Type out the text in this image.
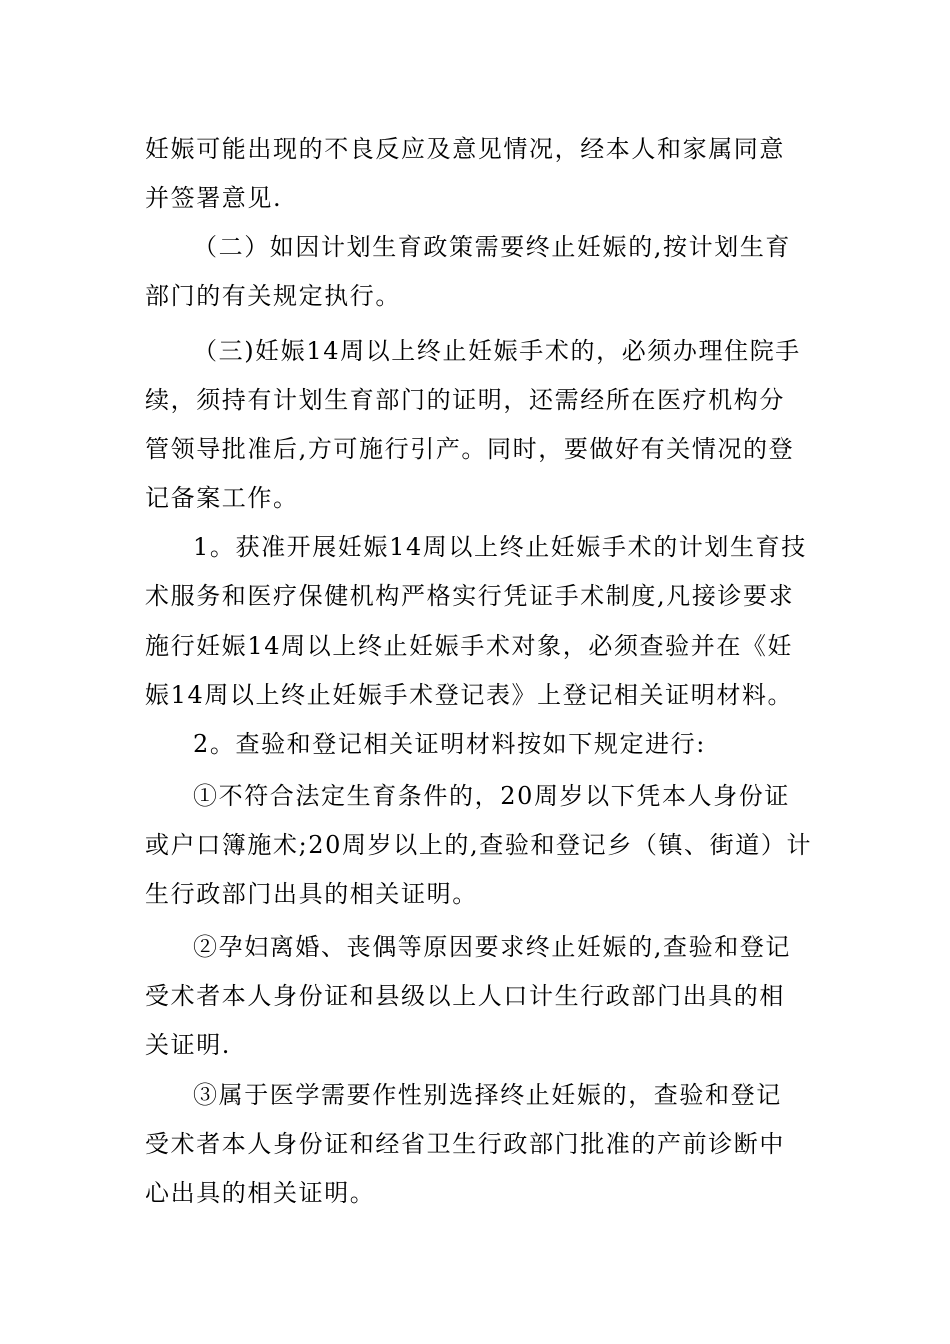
妊娠可能出现的不良反应及意见情况，经本人和家属同意
并签署意见.
（二）如因计划生育政策需要终止妊娠的,按计划生育
部门的有关规定执行。
（三)妊娠14周以上终止妊娠手术的，必须办理住院手
续，须持有计划生育部门的证明，还需经所在医疗机构分
管领导批准后,方可施行引产。同时，要做好有关情况的登
记备案工作。
1。获准开展妊娠14周以上终止妊娠手术的计划生育技
术服务和医疗保健机构严格实行凭证手术制度,凡接诊要求
施行妊娠14周以上终止妊娠手术对象，必须查验并在《妊
娠14周以上终止妊娠手术登记表》上登记相关证明材料。
2。查验和登记相关证明材料按如下规定进行:
①不符合法定生育条件的，20周岁以下凭本人身份证
或户口簿施术;20周岁以上的,查验和登记乡（镇、街道）计
生行政部门出具的相关证明。
②孕妇离婚、丧偶等原因要求终止妊娠的,查验和登记
受术者本人身份证和县级以上人口计生行政部门出具的相
关证明.
③属于医学需要作性别选择终止妊娠的，查验和登记
受术者本人身份证和经省卫生行政部门批准的产前诊断中
心出具的相关证明。
